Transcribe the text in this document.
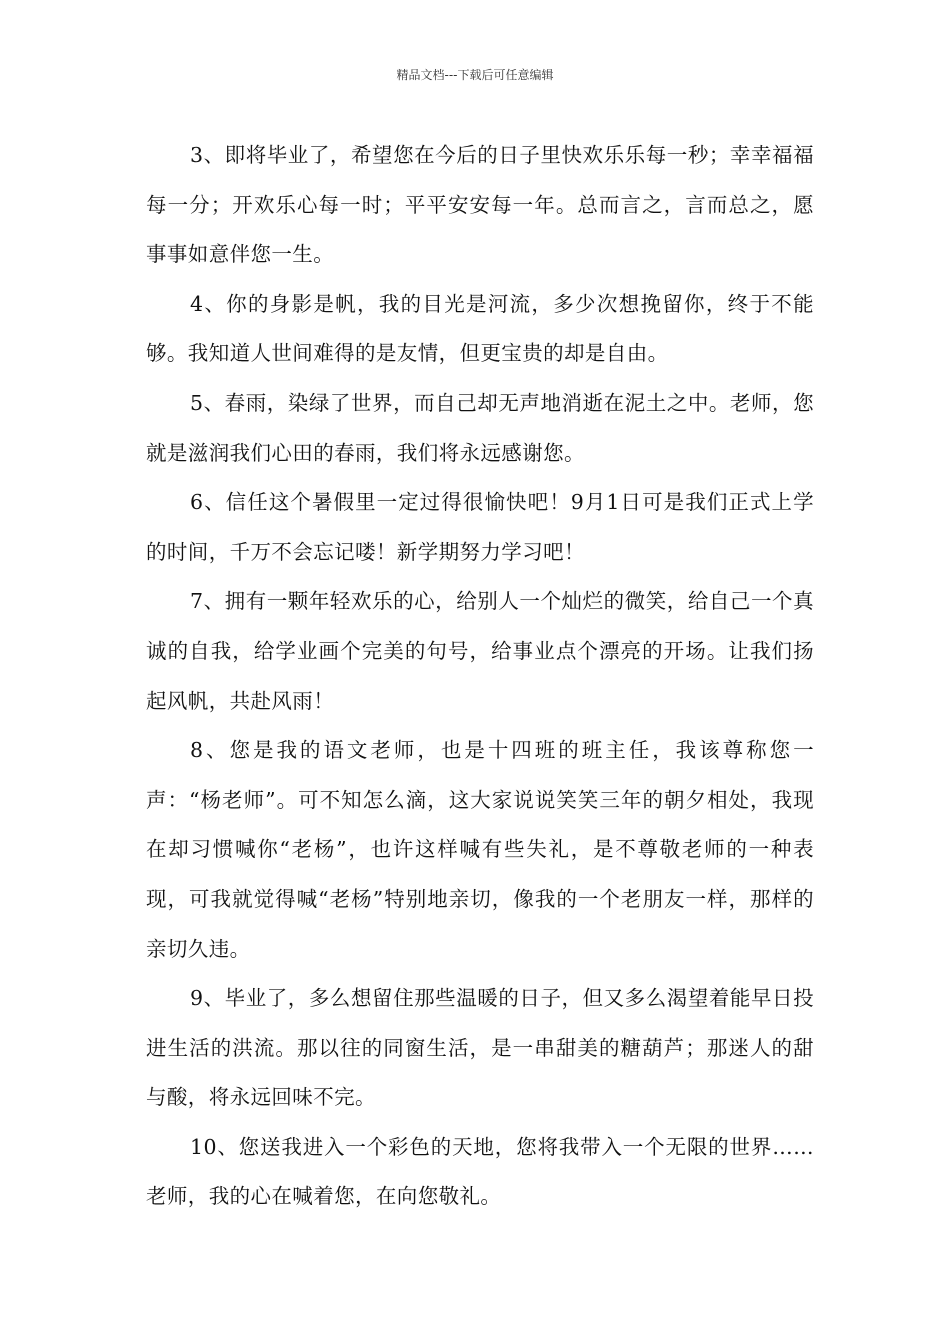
精品文档---下载后可任意编辑

3、即将毕业了，希望您在今后的日子里快欢乐乐每一秒；幸幸福福每一分；开欢乐心每一时；平平安安每一年。总而言之，言而总之，愿事事如意伴您一生。

4、你的身影是帆，我的目光是河流，多少次想挽留你，终于不能够。我知道人世间难得的是友情，但更宝贵的却是自由。

5、春雨，染绿了世界，而自己却无声地消逝在泥土之中。老师，您就是滋润我们心田的春雨，我们将永远感谢您。

6、信任这个暑假里一定过得很愉快吧！9月1日可是我们正式上学的时间，千万不会忘记喽！新学期努力学习吧！

7、拥有一颗年轻欢乐的心，给别人一个灿烂的微笑，给自己一个真诚的自我，给学业画个完美的句号，给事业点个漂亮的开场。让我们扬起风帆，共赴风雨！

8、您是我的语文老师，也是十四班的班主任，我该尊称您一声：“杨老师”。可不知怎么滴，这大家说说笑笑三年的朝夕相处，我现在却习惯喊你“老杨”，也许这样喊有些失礼，是不尊敬老师的一种表现，可我就觉得喊“老杨”特别地亲切，像我的一个老朋友一样，那样的亲切久违。

9、毕业了，多么想留住那些温暖的日子，但又多么渴望着能早日投进生活的洪流。那以往的同窗生活，是一串甜美的糖葫芦；那迷人的甜与酸，将永远回味不完。

10、您送我进入一个彩色的天地，您将我带入一个无限的世界……老师，我的心在喊着您，在向您敬礼。
